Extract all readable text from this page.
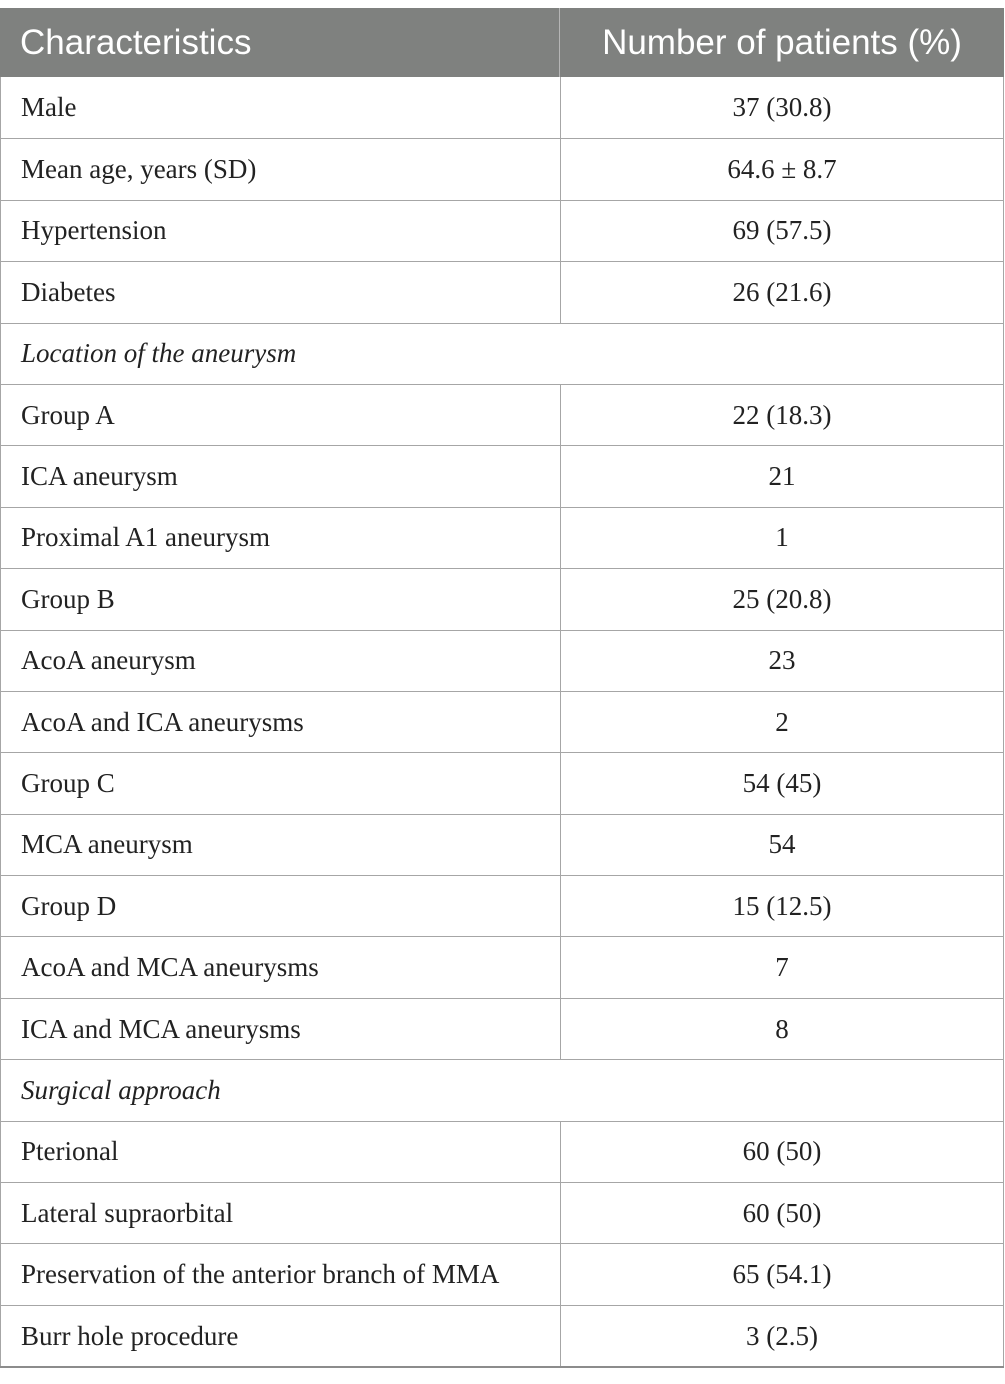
Characteristics	Number of patients (%)
Male	37 (30.8)
Mean age, years (SD)	64.6 ± 8.7
Hypertension	69 (57.5)
Diabetes	26 (21.6)
Location of the aneurysm
Group A	22 (18.3)
ICA aneurysm	21
Proximal A1 aneurysm	1
Group B	25 (20.8)
AcoA aneurysm	23
AcoA and ICA aneurysms	2
Group C	54 (45)
MCA aneurysm	54
Group D	15 (12.5)
AcoA and MCA aneurysms	7
ICA and MCA aneurysms	8
Surgical approach
Pterional	60 (50)
Lateral supraorbital	60 (50)
Preservation of the anterior branch of MMA	65 (54.1)
Burr hole procedure	3 (2.5)
